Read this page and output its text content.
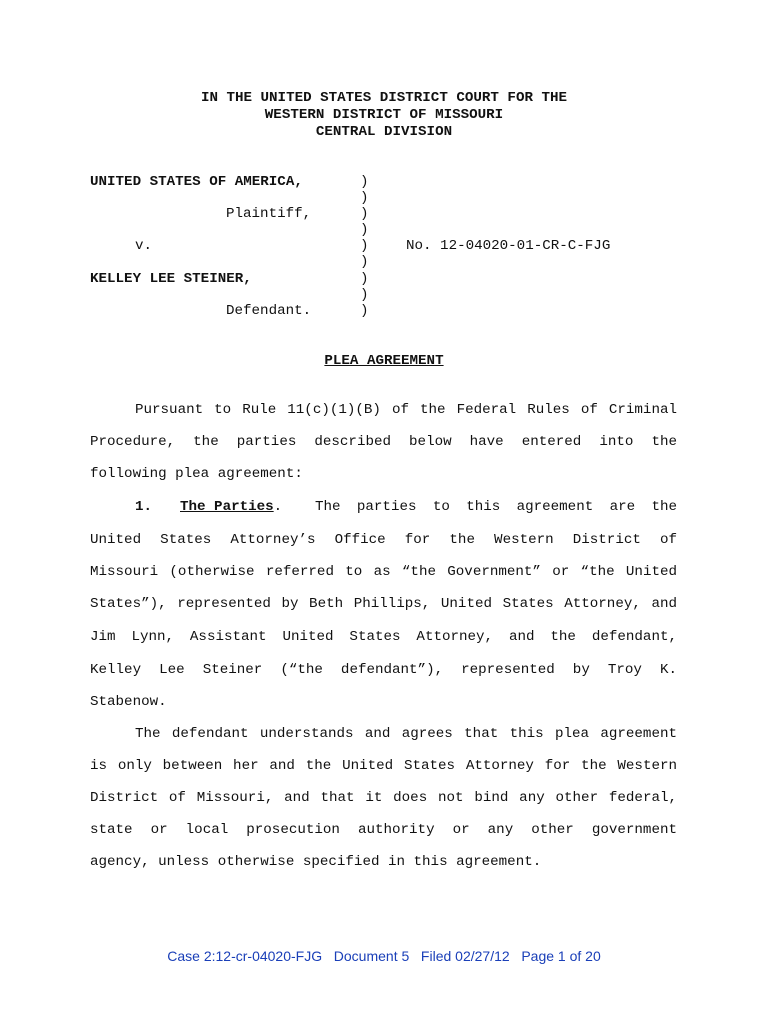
IN THE UNITED STATES DISTRICT COURT FOR THE
WESTERN DISTRICT OF MISSOURI
CENTRAL DIVISION
UNITED STATES OF AMERICA,
Plaintiff,
v.
KELLEY LEE STEINER,
Defendant.
No. 12-04020-01-CR-C-FJG
)
)
)
)
)
)
)
)
)
PLEA AGREEMENT
Pursuant to Rule 11(c)(1)(B) of the Federal Rules of Criminal
Procedure, the parties described below have entered into the
following plea agreement:
1. The Parties. The parties to this agreement are the
United States Attorney’s Office for the Western District of
Missouri (otherwise referred to as “the Government” or “the United
States”), represented by Beth Phillips, United States Attorney, and
Jim Lynn, Assistant United States Attorney, and the defendant,
Kelley Lee Steiner (“the defendant”), represented by Troy K.
Stabenow.
The defendant understands and agrees that this plea agreement
is only between her and the United States Attorney for the Western
District of Missouri, and that it does not bind any other federal,
state or local prosecution authority or any other government
agency, unless otherwise specified in this agreement.
Case 2:12-cr-04020-FJG   Document 5   Filed 02/27/12   Page 1 of 20
